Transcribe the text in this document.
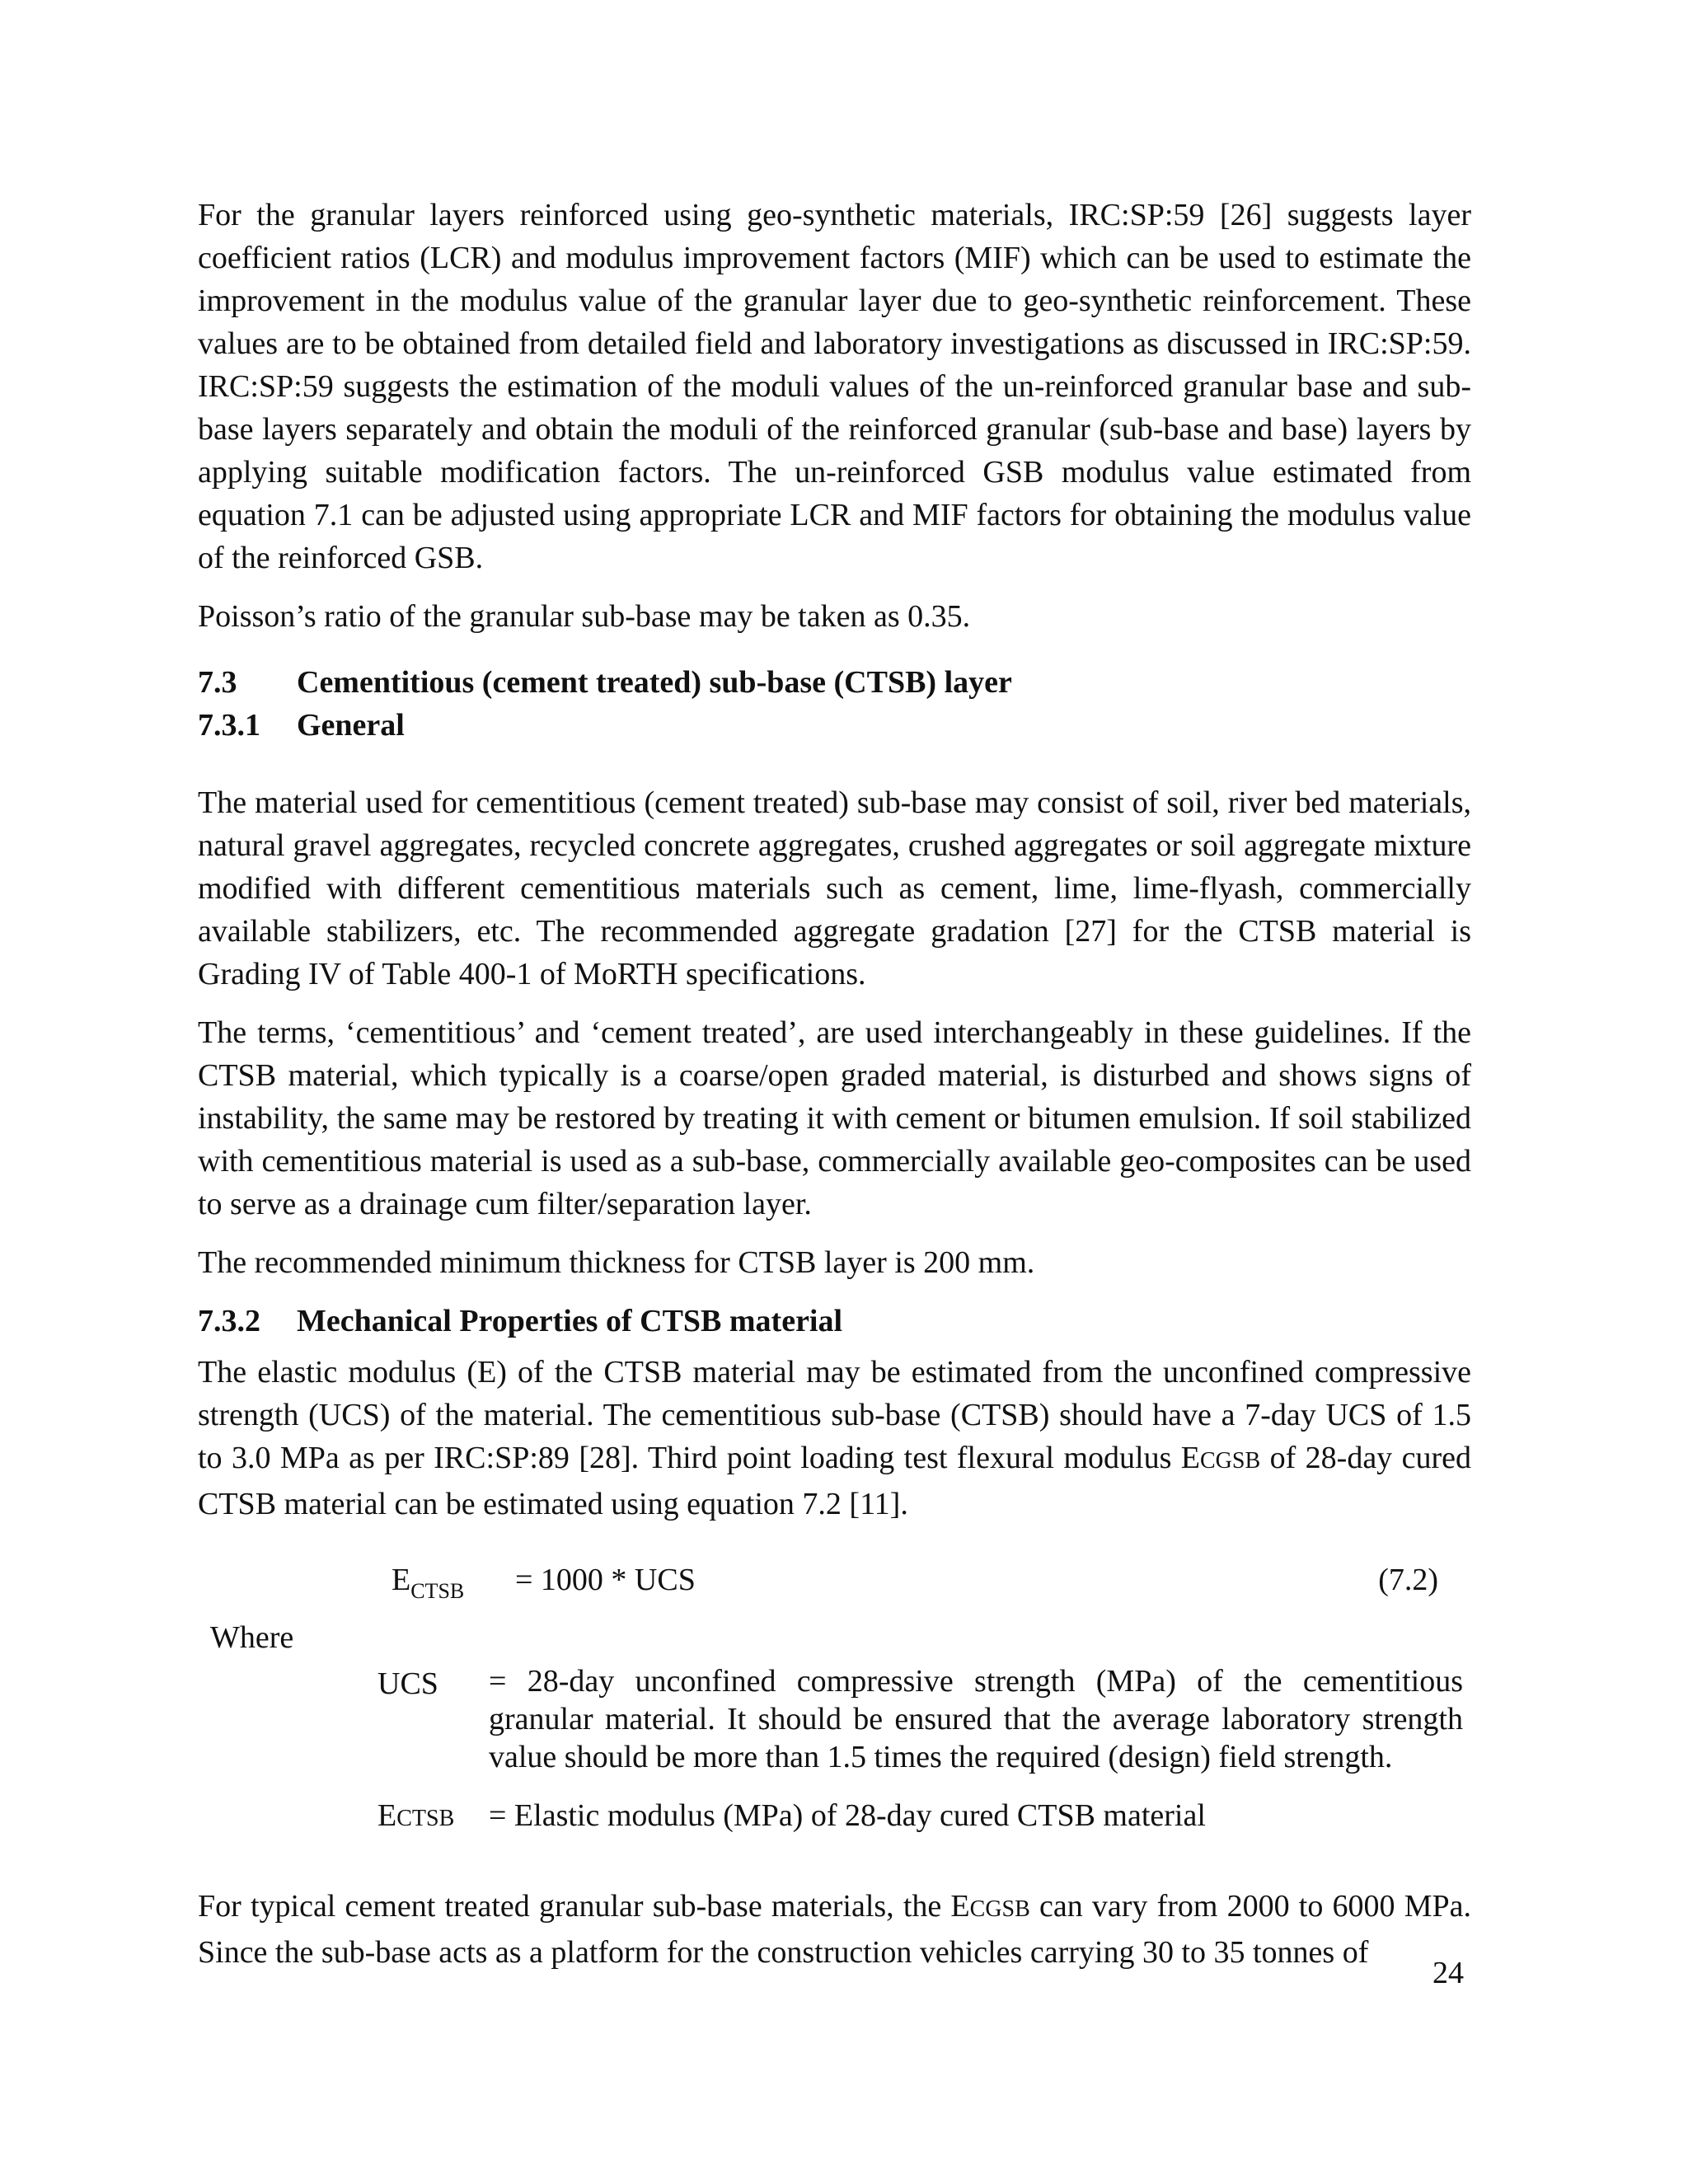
For the granular layers reinforced using geo-synthetic materials, IRC:SP:59 [26] suggests layer coefficient ratios (LCR) and modulus improvement factors (MIF) which can be used to estimate the improvement in the modulus value of the granular layer due to geo-synthetic reinforcement. These values are to be obtained from detailed field and laboratory investigations as discussed in IRC:SP:59. IRC:SP:59 suggests the estimation of the moduli values of the un-reinforced granular base and sub-base layers separately and obtain the moduli of the reinforced granular (sub-base and base) layers by applying suitable modification factors. The un-reinforced GSB modulus value estimated from equation 7.1 can be adjusted using appropriate LCR and MIF factors for obtaining the modulus value of the reinforced GSB.

Poisson’s ratio of the granular sub-base may be taken as 0.35.

7.3	Cementitious (cement treated) sub-base (CTSB) layer
7.3.1	General

The material used for cementitious (cement treated) sub-base may consist of soil, river bed materials, natural gravel aggregates, recycled concrete aggregates, crushed aggregates or soil aggregate mixture modified with different cementitious materials such as cement, lime, lime-flyash, commercially available stabilizers, etc. The recommended aggregate gradation [27] for the CTSB material is Grading IV of Table 400-1 of MoRTH specifications.

The terms, ‘cementitious’ and ‘cement treated’, are used interchangeably in these guidelines. If the CTSB material, which typically is a coarse/open graded material, is disturbed and shows signs of instability, the same may be restored by treating it with cement or bitumen emulsion. If soil stabilized with cementitious material is used as a sub-base, commercially available geo-composites can be used to serve as a drainage cum filter/separation layer.

The recommended minimum thickness for CTSB layer is 200 mm.

7.3.2	Mechanical Properties of CTSB material

The elastic modulus (E) of the CTSB material may be estimated from the unconfined compressive strength (UCS) of the material. The cementitious sub-base (CTSB) should have a 7-day UCS of 1.5 to 3.0 MPa as per IRC:SP:89 [28]. Third point loading test flexural modulus ECGSB of 28-day cured CTSB material can be estimated using equation 7.2 [11].

$E_{CTSB} = 1000$ * UCS	(7.2)
Where
UCS = 28-day unconfined compressive strength (MPa) of the cementitious granular material. It should be ensured that the average laboratory strength value should be more than 1.5 times the required (design) field strength.
ECTSB = Elastic modulus (MPa) of 28-day cured CTSB material

For typical cement treated granular sub-base materials, the ECGSB can vary from 2000 to 6000 MPa. Since the sub-base acts as a platform for the construction vehicles carrying 30 to 35 tonnes of

24
